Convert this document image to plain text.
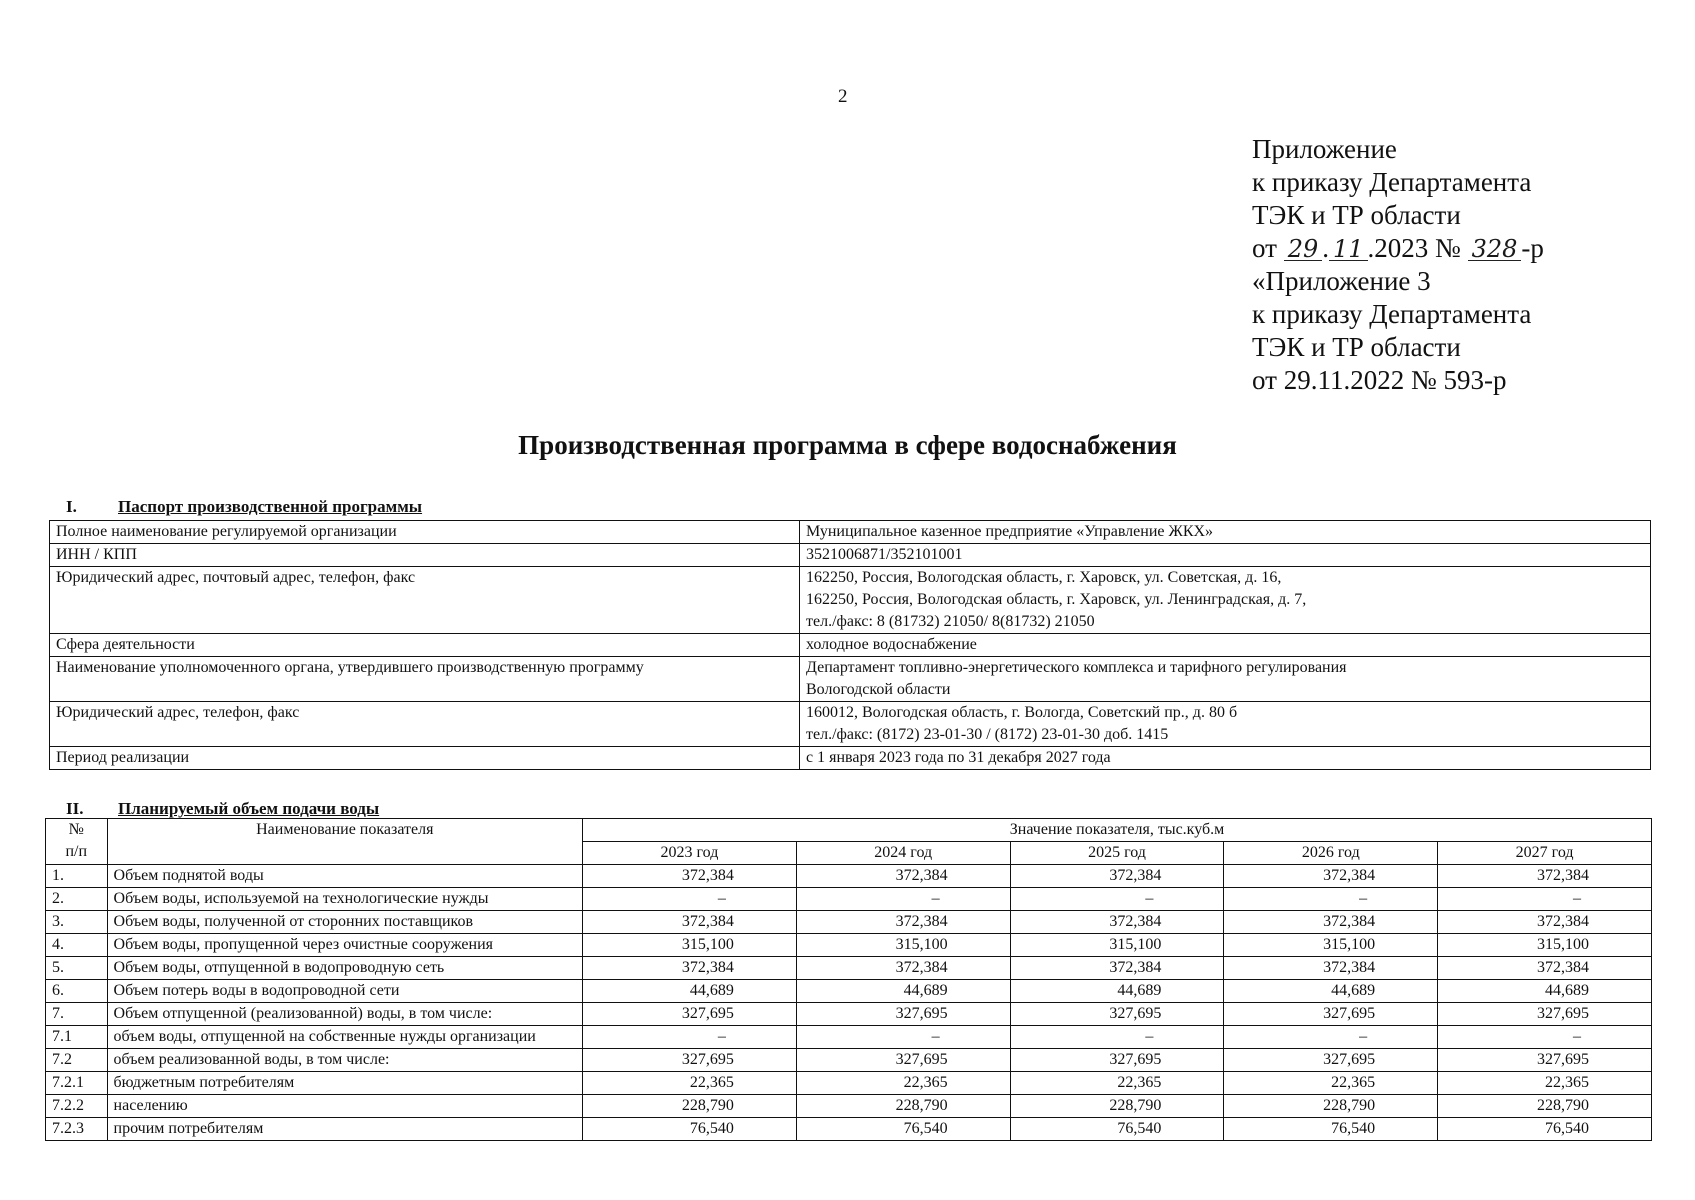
2
Приложение
к приказу Департамента
ТЭК и ТР области
от 29 . 11 .2023 № 328 -р
«Приложение 3
к приказу Департамента
ТЭК и ТР области
от 29.11.2022 № 593-р
Производственная программа в сфере водоснабжения
I. Паспорт производственной программы
Полное наименование регулируемой организации	Муниципальное казенное предприятие «Управление ЖКХ»

ИНН / КПП	3521006871/352101001

Юридический адрес, почтовый адрес, телефон, факс	162250, Россия, Вологодская область, г. Харовск, ул. Советская, д. 16,
162250, Россия, Вологодская область, г. Харовск, ул. Ленинградская, д. 7,
тел./факс: 8 (81732) 21050/ 8(81732) 21050

Сфера деятельности	холодное водоснабжение

Наименование уполномоченного органа, утвердившего производственную программу	Департамент топливно-энергетического комплекса и тарифного регулирования
Вологодской области

Юридический адрес, телефон, факс	160012, Вологодская область, г. Вологда, Советский пр., д. 80 б
тел./факс: (8172) 23-01-30 / (8172) 23-01-30 доб. 1415

Период реализации	с 1 января 2023 года по 31 декабря 2027 года
II. Планируемый объем подачи воды
№
п/п	Наименование показателя	Значение показателя, тыс.куб.м				
		2023 год	2024 год	2025 год	2026 год	2027 год
1.	Объем поднятой воды	372,384	372,384	372,384	372,384	372,384
2.	Объем воды, используемой на технологические нужды	–	–	–	–	–
3.	Объем воды, полученной от сторонних поставщиков	372,384	372,384	372,384	372,384	372,384
4.	Объем воды, пропущенной через очистные сооружения	315,100	315,100	315,100	315,100	315,100
5.	Объем воды, отпущенной в водопроводную сеть	372,384	372,384	372,384	372,384	372,384
6.	Объем потерь воды в водопроводной сети	44,689	44,689	44,689	44,689	44,689
7.	Объем отпущенной (реализованной) воды, в том числе:	327,695	327,695	327,695	327,695	327,695
7.1	объем воды, отпущенной на собственные нужды организации	–	–	–	–	–
7.2	объем реализованной воды, в том числе:	327,695	327,695	327,695	327,695	327,695
7.2.1	бюджетным потребителям	22,365	22,365	22,365	22,365	22,365
7.2.2	населению	228,790	228,790	228,790	228,790	228,790
7.2.3	прочим потребителям	76,540	76,540	76,540	76,540	76,540
